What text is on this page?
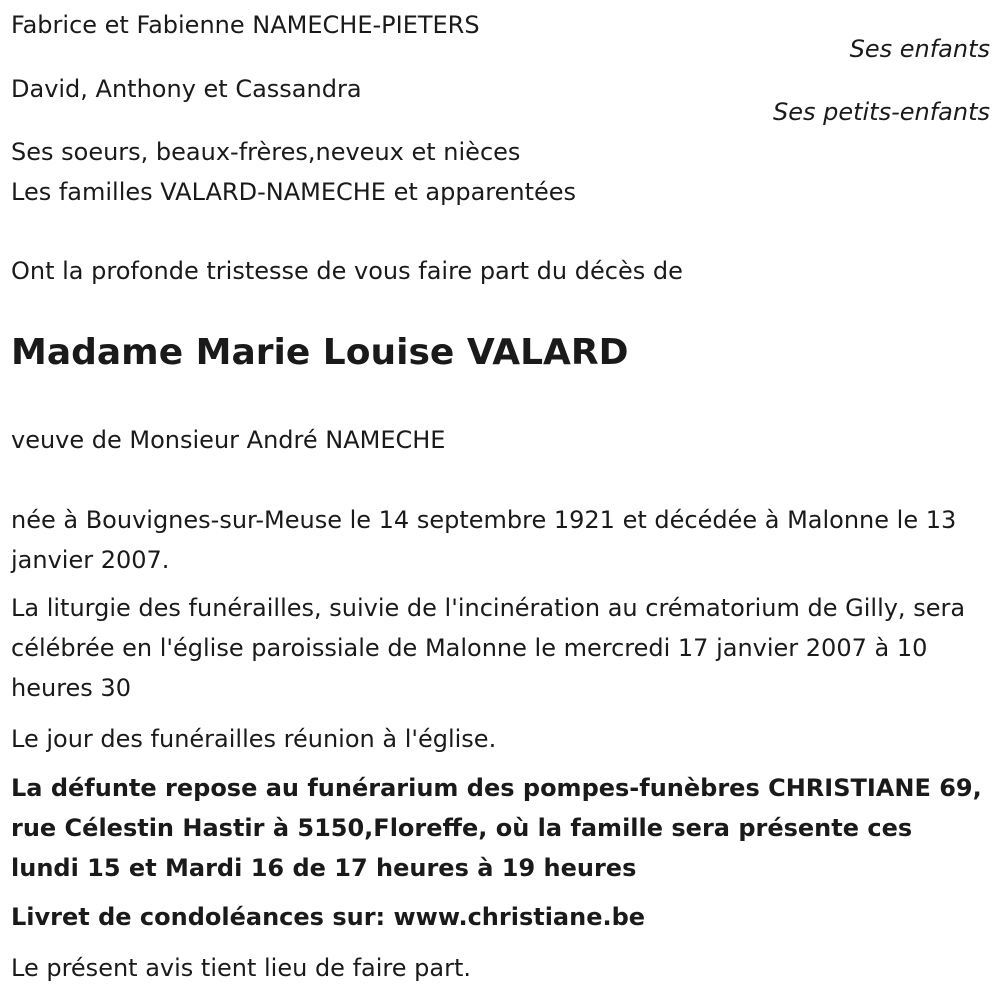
Fabrice et Fabienne NAMECHE-PIETERS
Ses enfants
David, Anthony et Cassandra
Ses petits-enfants
Ses soeurs, beaux-frères,neveux et nièces
Les familles VALARD-NAMECHE et apparentées
Ont la profonde tristesse de vous faire part du décès de
Madame Marie Louise VALARD
veuve de Monsieur André NAMECHE
née à Bouvignes-sur-Meuse le 14 septembre 1921 et décédée à Malonne le 13 janvier 2007.
La liturgie des funérailles, suivie de l'incinération au crématorium de Gilly, sera célébrée en l'église paroissiale de Malonne le mercredi 17 janvier 2007 à 10 heures 30
Le jour des funérailles réunion à l'église.
La défunte repose au funérarium des pompes-funèbres CHRISTIANE 69, rue Célestin Hastir à 5150,Floreffe, où la famille sera présente ces lundi 15 et Mardi 16 de 17 heures à 19 heures
Livret de condoléances sur: www.christiane.be
Le présent avis tient lieu de faire part.
